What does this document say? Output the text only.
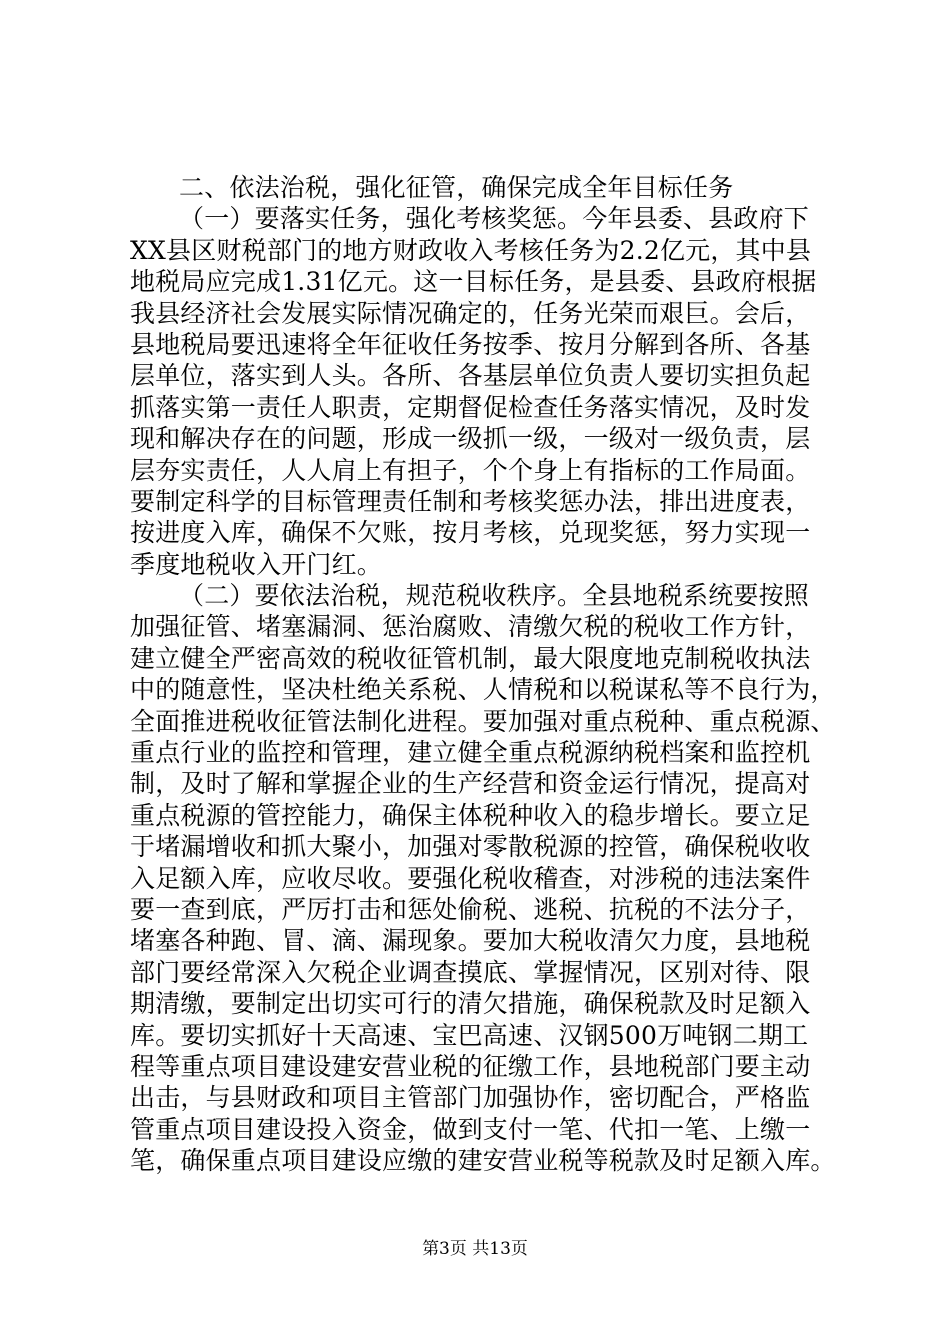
二、依法治税，强化征管，确保完成全年目标任务
（一）要落实任务，强化考核奖惩。今年县委、县政府下
XX县区财税部门的地方财政收入考核任务为2.2亿元，其中县
地税局应完成1.31亿元。这一目标任务，是县委、县政府根据
我县经济社会发展实际情况确定的，任务光荣而艰巨。会后，
县地税局要迅速将全年征收任务按季、按月分解到各所、各基
层单位，落实到人头。各所、各基层单位负责人要切实担负起
抓落实第一责任人职责，定期督促检查任务落实情况，及时发
现和解决存在的问题，形成一级抓一级，一级对一级负责，层
层夯实责任，人人肩上有担子，个个身上有指标的工作局面。
要制定科学的目标管理责任制和考核奖惩办法，排出进度表，
按进度入库，确保不欠账，按月考核，兑现奖惩，努力实现一
季度地税收入开门红。
（二）要依法治税，规范税收秩序。全县地税系统要按照
加强征管、堵塞漏洞、惩治腐败、清缴欠税的税收工作方针，
建立健全严密高效的税收征管机制，最大限度地克制税收执法
中的随意性，坚决杜绝关系税、人情税和以税谋私等不良行为，
全面推进税收征管法制化进程。要加强对重点税种、重点税源、
重点行业的监控和管理，建立健全重点税源纳税档案和监控机
制，及时了解和掌握企业的生产经营和资金运行情况，提高对
重点税源的管控能力，确保主体税种收入的稳步增长。要立足
于堵漏增收和抓大聚小，加强对零散税源的控管，确保税收收
入足额入库，应收尽收。要强化税收稽查，对涉税的违法案件
要一查到底，严厉打击和惩处偷税、逃税、抗税的不法分子，
堵塞各种跑、冒、滴、漏现象。要加大税收清欠力度，县地税
部门要经常深入欠税企业调查摸底、掌握情况，区别对待、限
期清缴，要制定出切实可行的清欠措施，确保税款及时足额入
库。要切实抓好十天高速、宝巴高速、汉钢500万吨钢二期工
程等重点项目建设建安营业税的征缴工作，县地税部门要主动
出击，与县财政和项目主管部门加强协作，密切配合，严格监
管重点项目建设投入资金，做到支付一笔、代扣一笔、上缴一
笔，确保重点项目建设应缴的建安营业税等税款及时足额入库。
第3页 共13页
